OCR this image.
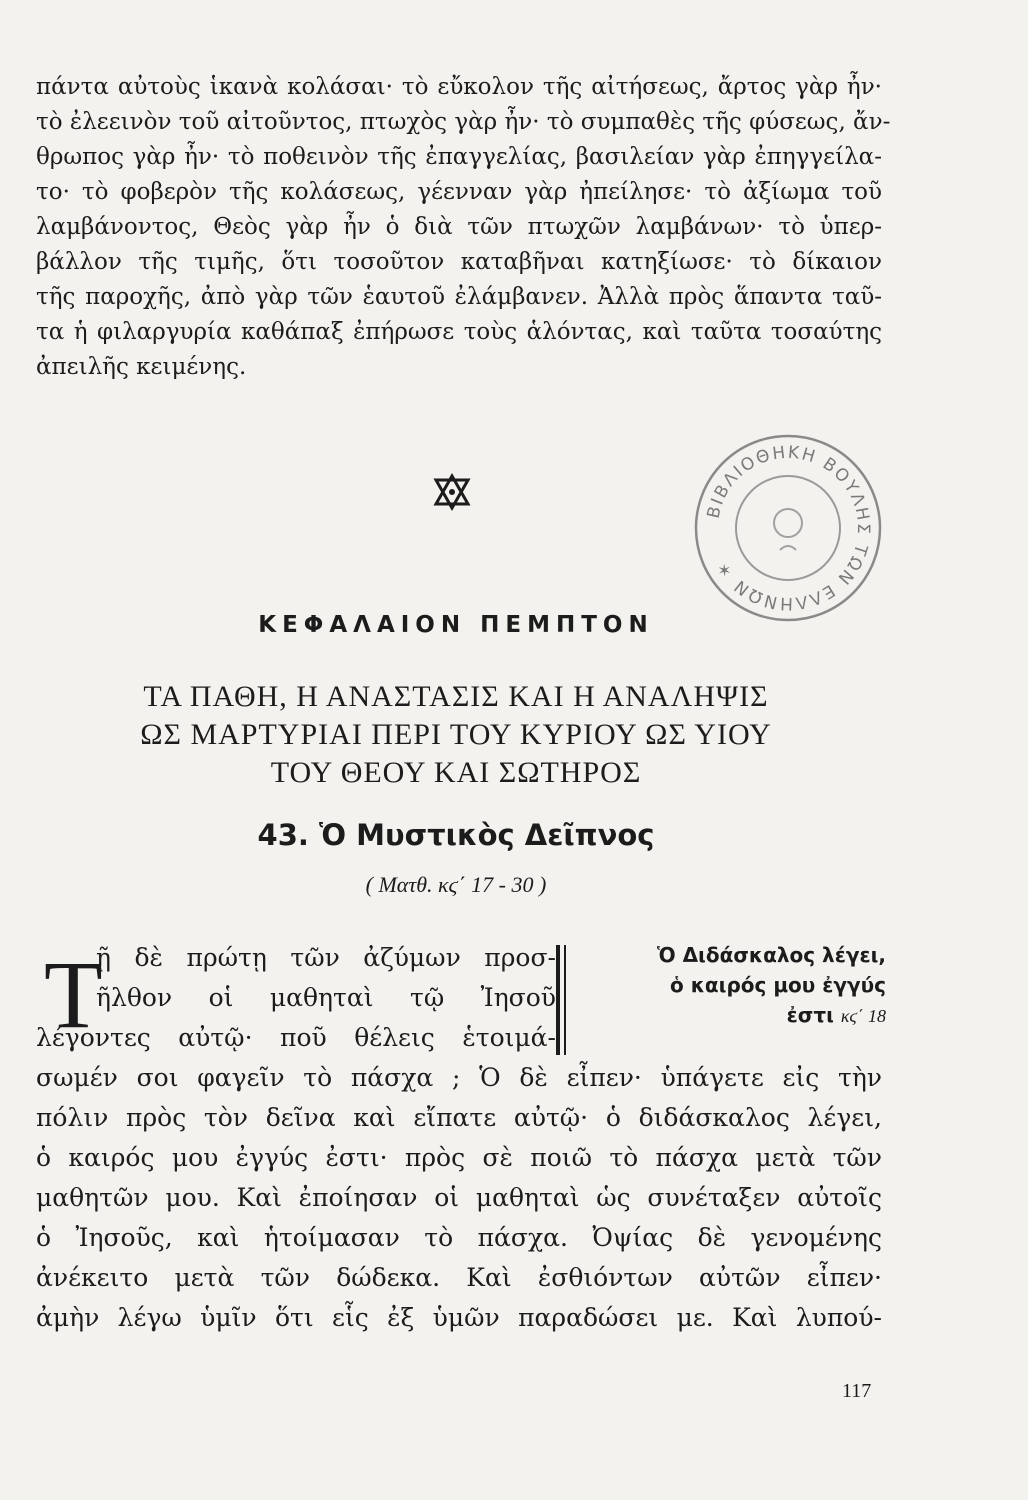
πάντα αὐτοὺς ἱκανὰ κολάσαι· τὸ εὔκολον τῆς αἰτήσεως, ἄρτος γὰρ ἦν·
τὸ ἐλεεινὸν τοῦ αἰτοῦντος, πτωχὸς γὰρ ἦν· τὸ συμπαθὲς τῆς φύσεως, ἄν-
θρωπος γὰρ ἦν· τὸ ποθεινὸν τῆς ἐπαγγελίας, βασιλείαν γὰρ ἐπηγγείλα-
το· τὸ φοβερὸν τῆς κολάσεως, γέενναν γὰρ ἠπείλησε· τὸ ἀξίωμα τοῦ
λαμβάνοντος, Θεὸς γὰρ ἦν ὁ διὰ τῶν πτωχῶν λαμβάνων· τὸ ὑπερ-
βάλλον τῆς τιμῆς, ὅτι τοσοῦτον καταβῆναι κατηξίωσε· τὸ δίκαιον
τῆς παροχῆς, ἀπὸ γὰρ τῶν ἑαυτοῦ ἐλάμβανεν. Ἀλλὰ πρὸς ἅπαντα ταῦ-
τα ἡ φιλαργυρία καθάπαξ ἐπήρωσε τοὺς ἁλόντας, καὶ ταῦτα τοσαύτης
ἀπειλῆς κειμένης.
ΒΙΒΛΙΟΘΗΚΗ ΒΟΥΛΗΣ ΤΩΝ ΕΛΛΗΝΩΝ ✶
ΚΕΦΑΛΑΙΟΝ ΠΕΜΠΤΟΝ
ΤΑ ΠΑΘΗ, Η ΑΝΑΣΤΑΣΙΣ ΚΑΙ Η ΑΝΑΛΗΨΙΣ
ΩΣ ΜΑΡΤΥΡΙΑΙ ΠΕΡΙ ΤΟΥ ΚΥΡΙΟΥ ΩΣ ΥΙΟΥ
ΤΟΥ ΘΕΟΥ ΚΑΙ ΣΩΤΗΡΟΣ
43. Ὁ Μυστικὸς Δεῖπνος
( Ματθ. κϛ΄ 17 - 30 )
Τ
ῇ δὲ πρώτῃ τῶν ἀζύμων προσ-
ῆλθον οἱ μαθηταὶ τῷ Ἰησοῦ
λέγοντες αὐτῷ· ποῦ θέλεις ἑτοιμά-
σωμέν σοι φαγεῖν τὸ πάσχα ; Ὁ δὲ εἶπεν· ὑπάγετε εἰς τὴν
πόλιν πρὸς τὸν δεῖνα καὶ εἴπατε αὐτῷ· ὁ διδάσκαλος λέγει,
ὁ καιρός μου ἐγγύς ἐστι· πρὸς σὲ ποιῶ τὸ πάσχα μετὰ τῶν
μαθητῶν μου. Καὶ ἐποίησαν οἱ μαθηταὶ ὡς συνέταξεν αὐτοῖς
ὁ Ἰησοῦς, καὶ ἡτοίμασαν τὸ πάσχα. Ὀψίας δὲ γενομένης
ἀνέκειτο μετὰ τῶν δώδεκα. Καὶ ἐσθιόντων αὐτῶν εἶπεν·
ἀμὴν λέγω ὑμῖν ὅτι εἷς ἐξ ὑμῶν παραδώσει με. Καὶ λυπού-
Ὁ Διδάσκαλος λέγει,
ὁ καιρός μου ἐγγύς
ἐστι κϛ΄ 18
117
